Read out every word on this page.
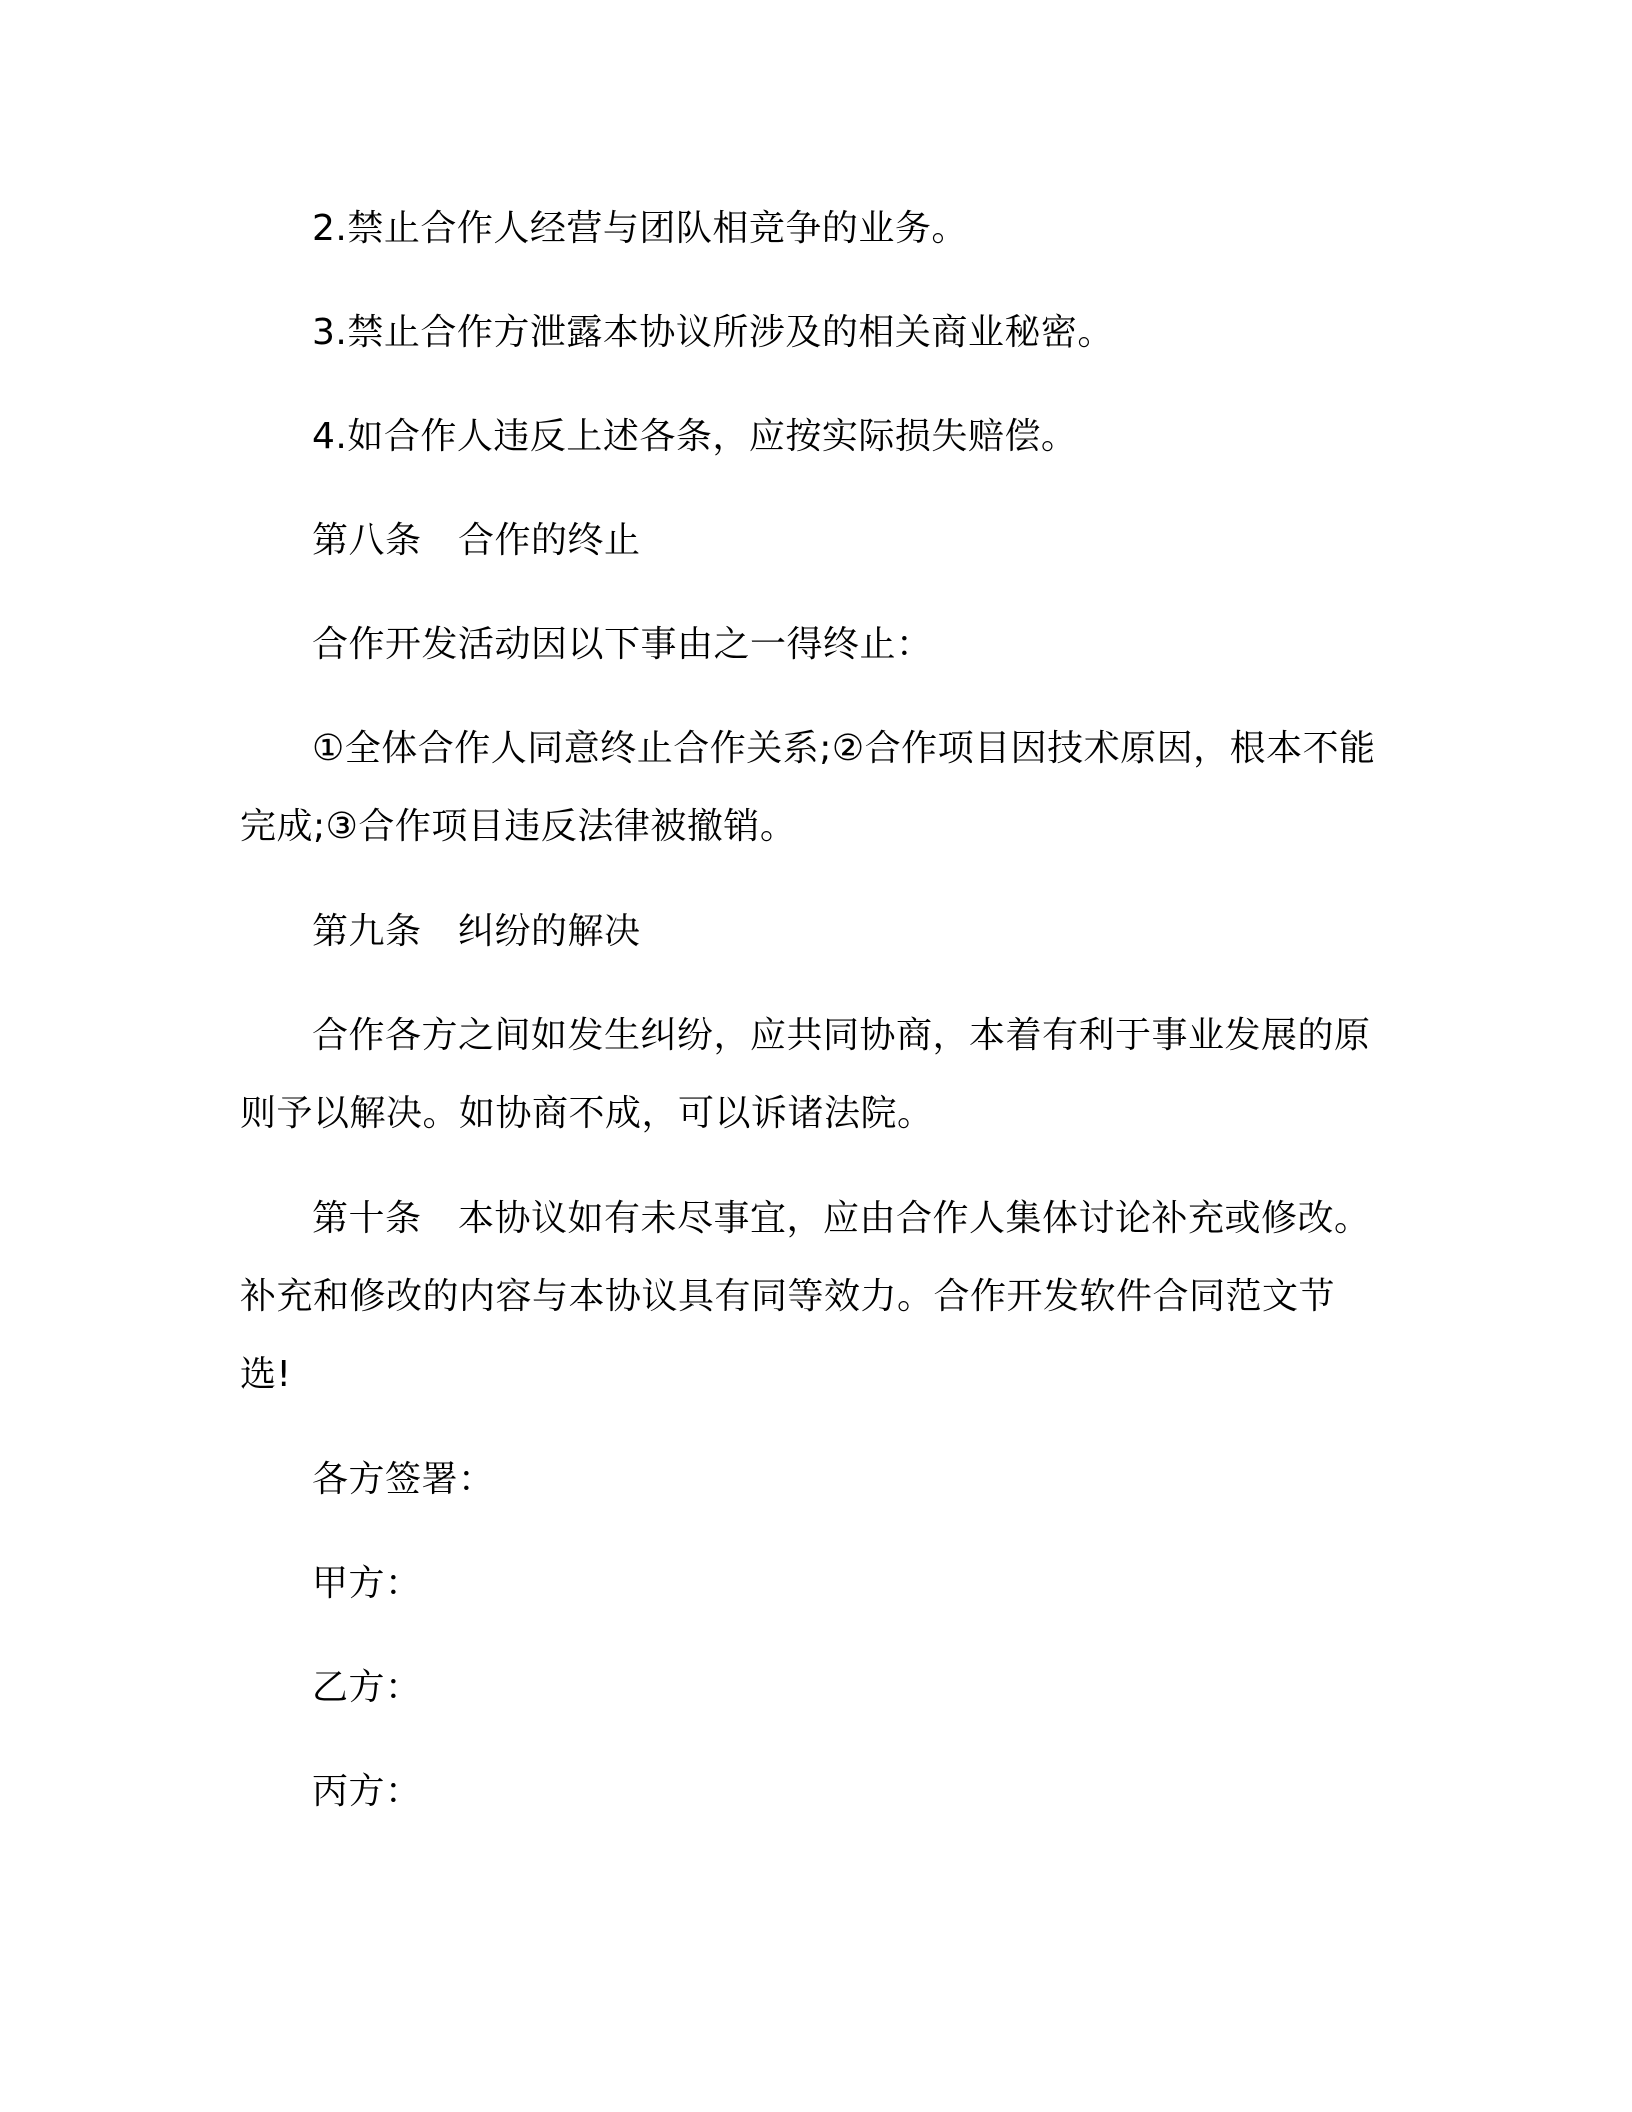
2.禁止合作人经营与团队相竞争的业务。

3.禁止合作方泄露本协议所涉及的相关商业秘密。

4.如合作人违反上述各条，应按实际损失赔偿。

第八条　合作的终止

合作开发活动因以下事由之一得终止：

①全体合作人同意终止合作关系;②合作项目因技术原因，根本不能完成;③合作项目违反法律被撤销。

第九条　纠纷的解决

合作各方之间如发生纠纷，应共同协商，本着有利于事业发展的原则予以解决。如协商不成，可以诉诸法院。

第十条　本协议如有未尽事宜，应由合作人集体讨论补充或修改。补充和修改的内容与本协议具有同等效力。合作开发软件合同范文节选!

各方签署：

甲方：

乙方：

丙方：
